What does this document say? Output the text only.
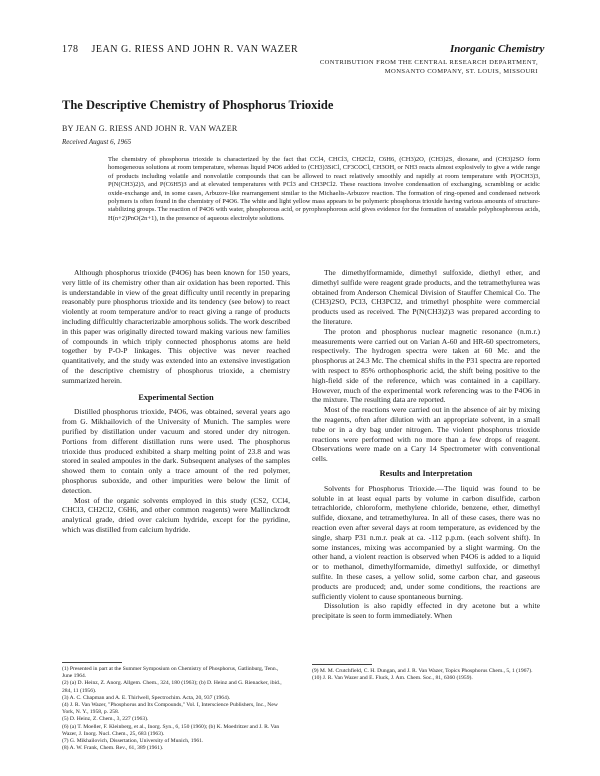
178 JEAN G. RIESS AND JOHN R. VAN WAZER	Inorganic Chemistry
CONTRIBUTION FROM THE CENTRAL RESEARCH DEPARTMENT,
MONSANTO COMPANY, ST. LOUIS, MISSOURI
The Descriptive Chemistry of Phosphorus Trioxide
BY JEAN G. RIESS AND JOHN R. VAN WAZER
Received August 6, 1965
The chemistry of phosphorus trioxide is characterized by the fact that CCl4, CHCl3, CH2Cl2, C6H6, (CH3)2O, (CH3)2S, dioxane, and (CH3)2SO form homogeneous solutions at room temperature, whereas liquid P4O6 added to (CH3)3SiCl, CF3COCl, CH3OH, or NH3 reacts almost explosively to give a wide range of products including volatile and nonvolatile compounds that can be allowed to react relatively smoothly and rapidly at room temperature with P(OCH3)3, P(N(CH3)2)3, and P(C6H5)3 and at elevated temperatures with PCl3 and CH3PCl2. These reactions involve condensation of exchanging, scrambling or acidic oxide-exchange and, in some cases, Arbuzov-like rearrangement similar to the Michaelis-Arbuzov reaction. The formation of ring-opened and condensed network polymers is often found in the chemistry of P4O6. The white and light yellow mass appears to be polymeric phosphorus trioxide having various amounts of structure-stabilizing groups. The reaction of P4O6 with water, phosphorous acid, or pyrophosphorous acid gives evidence for the formation of unstable polyphosphorous acids, H(n+2)PnO(2n+1), in the presence of aqueous electrolyte solutions.

Although phosphorus trioxide (P4O6) has been known for 150 years, very little of its chemistry other than air oxidation has been reported. This is understandable in view of the great difficulty until recently in preparing reasonably pure phosphorus trioxide and its tendency (see below) to react violently at room temperature and/or to react giving a range of products including difficultly characterizable amorphous solids. The work described in this paper was originally directed toward making various new families of compounds in which triply connected phosphorus atoms are held together by P-O-P linkages. This objective was never reached quantitatively, and the study was extended into an extensive investigation of the descriptive chemistry of phosphorus trioxide, a chemistry summarized herein.

Experimental Section

Distilled phosphorus trioxide, P4O6, was obtained, several years ago from G. Mikhailovich of the University of Munich. The samples were purified by distillation under vacuum and stored under dry nitrogen. Portions from different distillation runs were used. The phosphorus trioxide thus produced exhibited a sharp melting point of 23.8 and was stored in sealed ampoules in the dark. Subsequent analyses of the samples showed them to contain only a trace amount of the red polymer, phosphorus suboxide, and other impurities were below the limit of detection.

Most of the organic solvents employed in this study (CS2, CCl4, CHCl3, CH2Cl2, C6H6, and other common reagents) were Mallinckrodt analytical grade, dried over calcium hydride, except for the pyridine, which was distilled from calcium hydride.

The dimethylformamide, dimethyl sulfoxide, diethyl ether, and dimethyl sulfide were reagent grade products, and the tetramethylurea was obtained from Anderson Chemical Division of Stauffer Chemical Co. The (CH3)2SO, PCl3, CH3PCl2, and trimethyl phosphite were commercial products used as received. The P(N(CH3)2)3 was prepared according to the literature.

The proton and phosphorus nuclear magnetic resonance (n.m.r.) measurements were carried out on Varian A-60 and HR-60 spectrometers, respectively. The hydrogen spectra were taken at 60 Mc. and the phosphorus at 24.3 Mc. The chemical shifts in the P31 spectra are reported with respect to 85% orthophosphoric acid, the shift being positive to the high-field side of the reference, which was contained in a capillary. However, much of the experimental work referencing was to the P4O6 in the mixture. The resulting data are reported.

Most of the reactions were carried out in the absence of air by mixing the reagents, often after dilution with an appropriate solvent, in a small tube or in a dry bag under nitrogen. The violent phosphorus trioxide reactions were performed with no more than a few drops of reagent. Observations were made on a Cary 14 Spectrometer with conventional cells.

Results and Interpretation

Solvents for Phosphorus Trioxide.—The liquid was found to be soluble in at least equal parts by volume in carbon disulfide, carbon tetrachloride, chloroform, methylene chloride, benzene, ether, dimethyl sulfide, dioxane, and tetramethylurea. In all of these cases, there was no reaction even after several days at room temperature, as evidenced by the single, sharp P31 n.m.r. peak at ca. -112 p.p.m. (each solvent shift). In some instances, mixing was accompanied by a slight warming. On the other hand, a violent reaction is observed when P4O6 is added to a liquid or to methanol, dimethylformamide, dimethyl sulfoxide, or dimethyl sulfite. In these cases, a yellow solid, some carbon char, and gaseous products are produced; and, under some conditions, the reactions are sufficiently violent to cause spontaneous burning.

Dissolution is also rapidly effected in dry acetone but a white precipitate is seen to form immediately. When

(1) Presented in part at the Summer Symposium on Chemistry of Phosphorus, Gatlinburg, Tenn., June 1964.

(2) (a) D. Heinz, Z. Anorg. Allgem. Chem., 324, 180 (1963); (b) D. Heinz and G. Rienacker, ibid., 284, 11 (1956).

(3) A. C. Chapman and A. E. Thirlwell, Spectrochim. Acta, 20, 937 (1964).

(4) J. R. Van Wazer, "Phosphorus and Its Compounds," Vol. I, Interscience Publishers, Inc., New York, N. Y., 1958, p. 258.

(5) D. Heinz, Z. Chem., 3, 227 (1963).

(6) (a) T. Moeller, F. Kleinberg, et al., Inorg. Syn., 6, 150 (1960); (b) K. Moedritzer and J. R. Van Wazer, J. Inorg. Nucl. Chem., 25, 683 (1963).

(7) G. Mikhailovich, Dissertation, University of Munich, 1961.

(8) A. W. Frank, Chem. Rev., 61, 389 (1961).

(9) M. M. Crutchfield, C. H. Dungan, and J. R. Van Wazer, Topics Phosphorus Chem., 5, 1 (1967).

(10) J. R. Van Wazer and E. Fluck, J. Am. Chem. Soc., 81, 6360 (1959).
